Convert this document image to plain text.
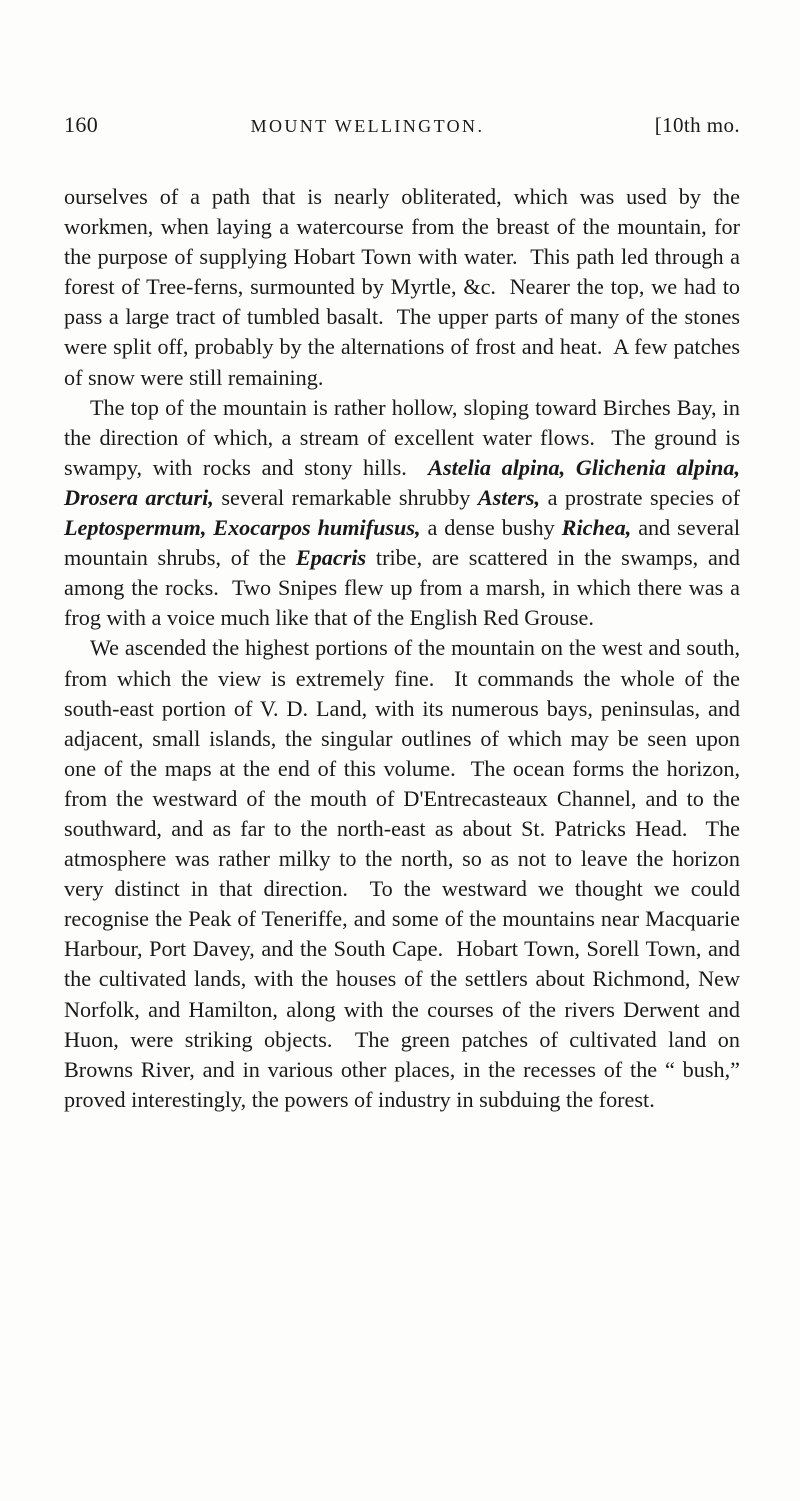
160	MOUNT WELLINGTON.	[10th mo.

ourselves of a path that is nearly obliterated, which was used by the workmen, when laying a watercourse from the breast of the mountain, for the purpose of supplying Hobart Town with water. This path led through a forest of Tree-ferns, surmounted by Myrtle, &c. Nearer the top, we had to pass a large tract of tumbled basalt. The upper parts of many of the stones were split off, probably by the alternations of frost and heat. A few patches of snow were still remaining.

The top of the mountain is rather hollow, sloping toward Birches Bay, in the direction of which, a stream of excellent water flows. The ground is swampy, with rocks and stony hills. Astelia alpina, Glichenia alpina, Drosera arcturi, several remarkable shrubby Asters, a prostrate species of Leptospermum, Exocarpos humifusus, a dense bushy Richea, and several mountain shrubs, of the Epacris tribe, are scattered in the swamps, and among the rocks. Two Snipes flew up from a marsh, in which there was a frog with a voice much like that of the English Red Grouse.

We ascended the highest portions of the mountain on the west and south, from which the view is extremely fine. It commands the whole of the south-east portion of V. D. Land, with its numerous bays, peninsulas, and adjacent, small islands, the singular outlines of which may be seen upon one of the maps at the end of this volume. The ocean forms the horizon, from the westward of the mouth of D'Entrecasteaux Channel, and to the southward, and as far to the north-east as about St. Patricks Head. The atmosphere was rather milky to the north, so as not to leave the horizon very distinct in that direction. To the westward we thought we could recognise the Peak of Teneriffe, and some of the mountains near Macquarie Harbour, Port Davey, and the South Cape. Hobart Town, Sorell Town, and the cultivated lands, with the houses of the settlers about Richmond, New Norfolk, and Hamilton, along with the courses of the rivers Derwent and Huon, were striking objects. The green patches of cultivated land on Browns River, and in various other places, in the recesses of the “ bush,” proved interestingly, the powers of industry in subduing the forest.
